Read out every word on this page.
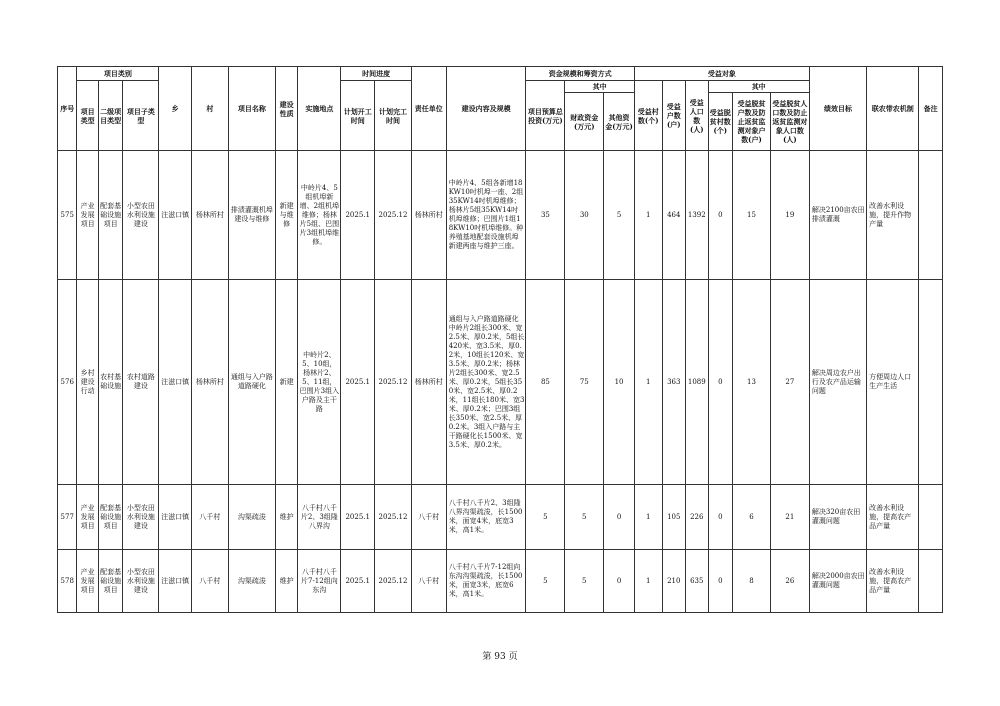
序号	项目类别			乡	村	项目名称	建设性质	实施地点	时间进度		责任单位	建设内容及规模	资金规模和筹资方式			受益对象						绩效目标	联农带农机制	备注
	项目类型	二级项目类型	项目子类型						计划开工时间	计划完工时间			项目预算总投资(万元)	其中		受益村数(个)	受益户数(户)	受益人口数(人)	其中					
														财政资金(万元)	其他资金(万元)				受益脱贫村数(个)	受益脱贫户数及防止返贫监测对象户数(户)	受益脱贫人口数及防止返贫监测对象人口数(人)			
575	产业发展项目	配套基础设施项目	小型农田水利设施建设	注滋口镇	杨林所村	排渍灌溉机埠建设与维修	新建与维修	中岭片4、5组机埠新增、2组机埠维修；杨林片5组、巴围片3组机埠维修。	2025.1	2025.12	杨林所村	中岭片4、5组各新增18KW10吋机埠一座、2组35KW14吋机埠维修；杨林片5组35KW14吋机埠维修；巴围片1组18KW10吋机埠维修。种养殖基地配套设施机埠新建两座与维护三座。	35	30	5	1	464	1392	0	15	19	解决2100亩农田排渍灌溉	改善水利设施，提升作物产量	
576	乡村建设行动	农村基础设施	农村道路建设	注滋口镇	杨林所村	通组与入户路道路硬化	新建	中岭片2、5、10组，杨林片2、5、11组，巴围片3组入户路及主干路	2025.1	2025.12	杨林所村	通组与入户路道路硬化中岭片2组长300米、宽2.5米、厚0.2米，5组长420米、宽3.5米、厚0.2米，10组长120米、宽3.5米、厚0.2米；杨林片2组长300米、宽2.5米、厚0.2米，5组长350米、宽2.5米、厚0.2米，11组长180米、宽3米、厚0.2米；巴围3组长350米、宽2.5米、厚0.2米。3组入户路与主干路硬化长1500米、宽3.5米、厚0.2米。	85	75	10	1	363	1089	0	13	27	解决周边农户出行及农产品运输问题	方便周边人口生产生活	
577	产业发展项目	配套基础设施项目	小型农田水利设施建设	注滋口镇	八千村	沟渠疏浚	维护	八千村八千片2、3组隆八界沟	2025.1	2025.12	八千村	八千村八千片2、3组隆八界沟渠疏浚，长1500米，面宽4米，底宽3米，高1米。	5	5	0	1	105	226	0	6	21	解决320亩农田灌溉问题	改善水利设施，提高农产品产量	
578	产业发展项目	配套基础设施项目	小型农田水利设施建设	注滋口镇	八千村	沟渠疏浚	维护	八千村八千片7-12组向东沟	2025.1	2025.12	八千村	八千村八千片7-12组向东沟沟渠疏浚，长1500米，面宽3米，底宽6米，高1米。	5	5	0	1	210	635	0	8	26	解决2000亩农田灌溉问题	改善水利设施，提高农产品产量	
第 93 页
